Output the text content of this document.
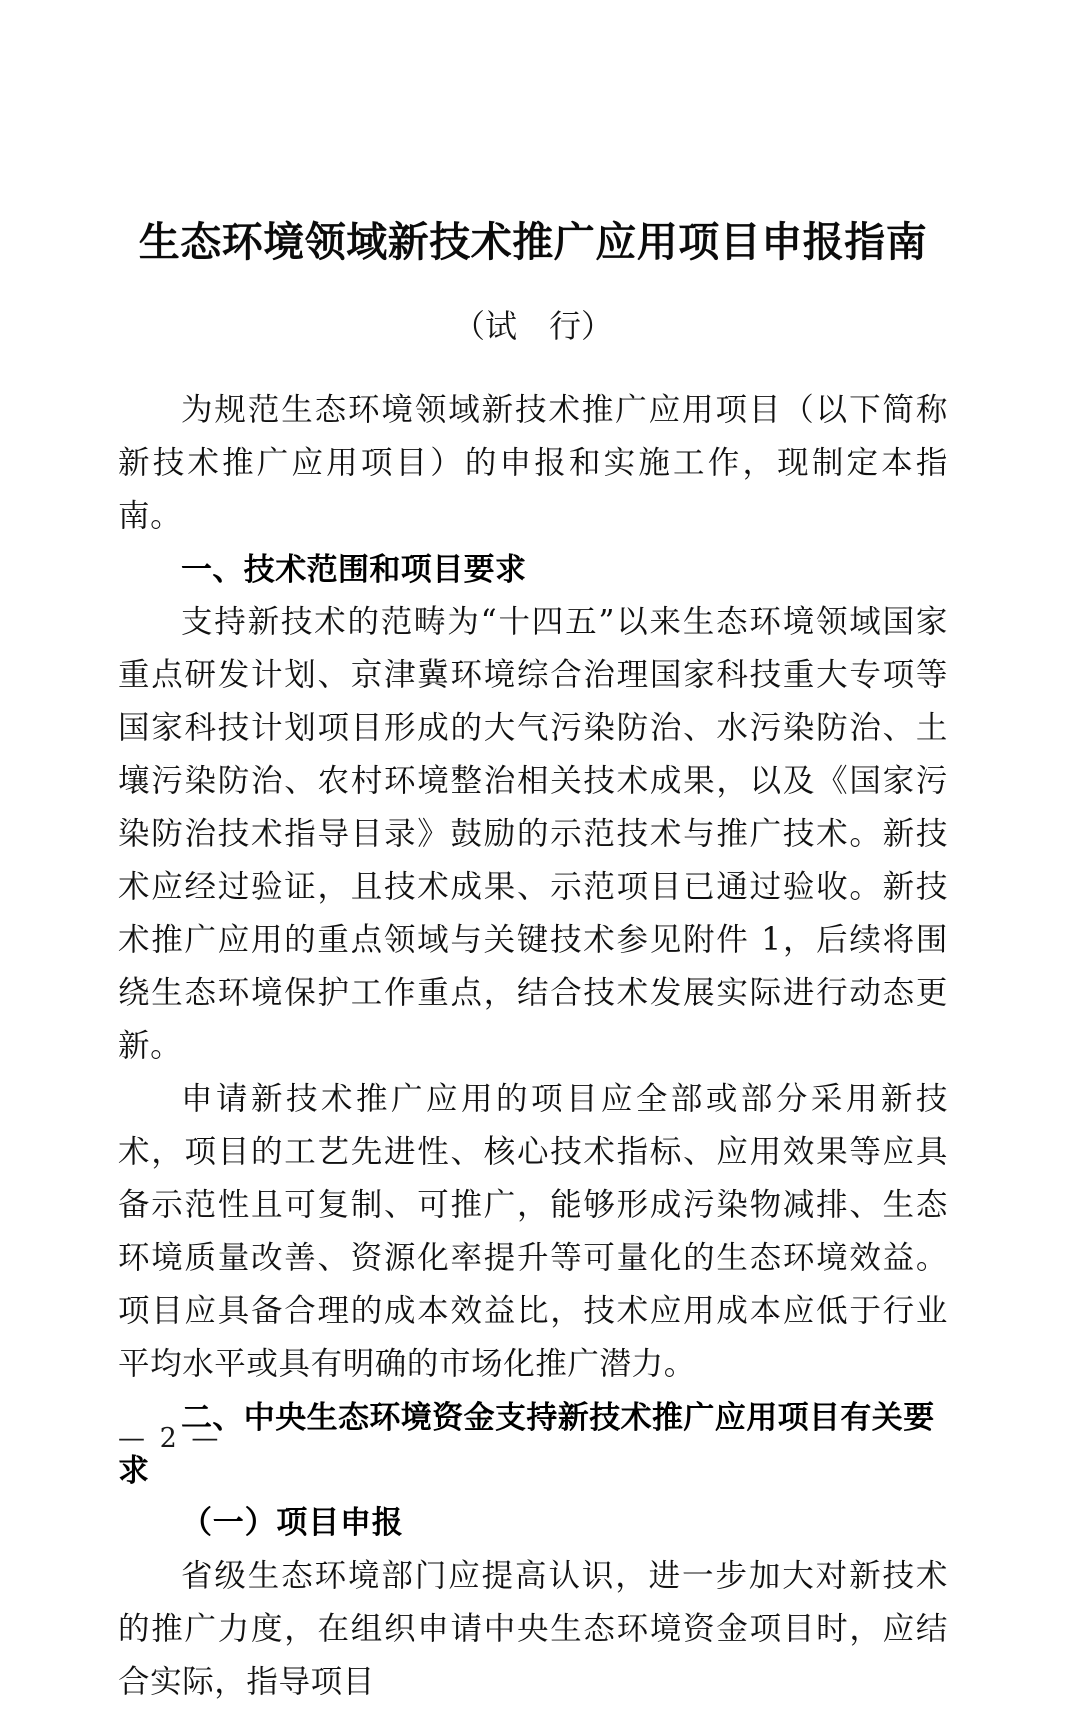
生态环境领域新技术推广应用项目申报指南
（试　行）

为规范生态环境领域新技术推广应用项目（以下简称新技术推广应用项目）的申报和实施工作，现制定本指南。

一、技术范围和项目要求

支持新技术的范畴为“十四五”以来生态环境领域国家重点研发计划、京津冀环境综合治理国家科技重大专项等国家科技计划项目形成的大气污染防治、水污染防治、土壤污染防治、农村环境整治相关技术成果，以及《国家污染防治技术指导目录》鼓励的示范技术与推广技术。新技术应经过验证，且技术成果、示范项目已通过验收。新技术推广应用的重点领域与关键技术参见附件 1，后续将围绕生态环境保护工作重点，结合技术发展实际进行动态更新。

申请新技术推广应用的项目应全部或部分采用新技术，项目的工艺先进性、核心技术指标、应用效果等应具备示范性且可复制、可推广，能够形成污染物减排、生态环境质量改善、资源化率提升等可量化的生态环境效益。项目应具备合理的成本效益比，技术应用成本应低于行业平均水平或具有明确的市场化推广潜力。

二、中央生态环境资金支持新技术推广应用项目有关要求
（一）项目申报

省级生态环境部门应提高认识，进一步加大对新技术的推广力度，在组织申请中央生态环境资金项目时，应结合实际，指导项目

— 2 —
